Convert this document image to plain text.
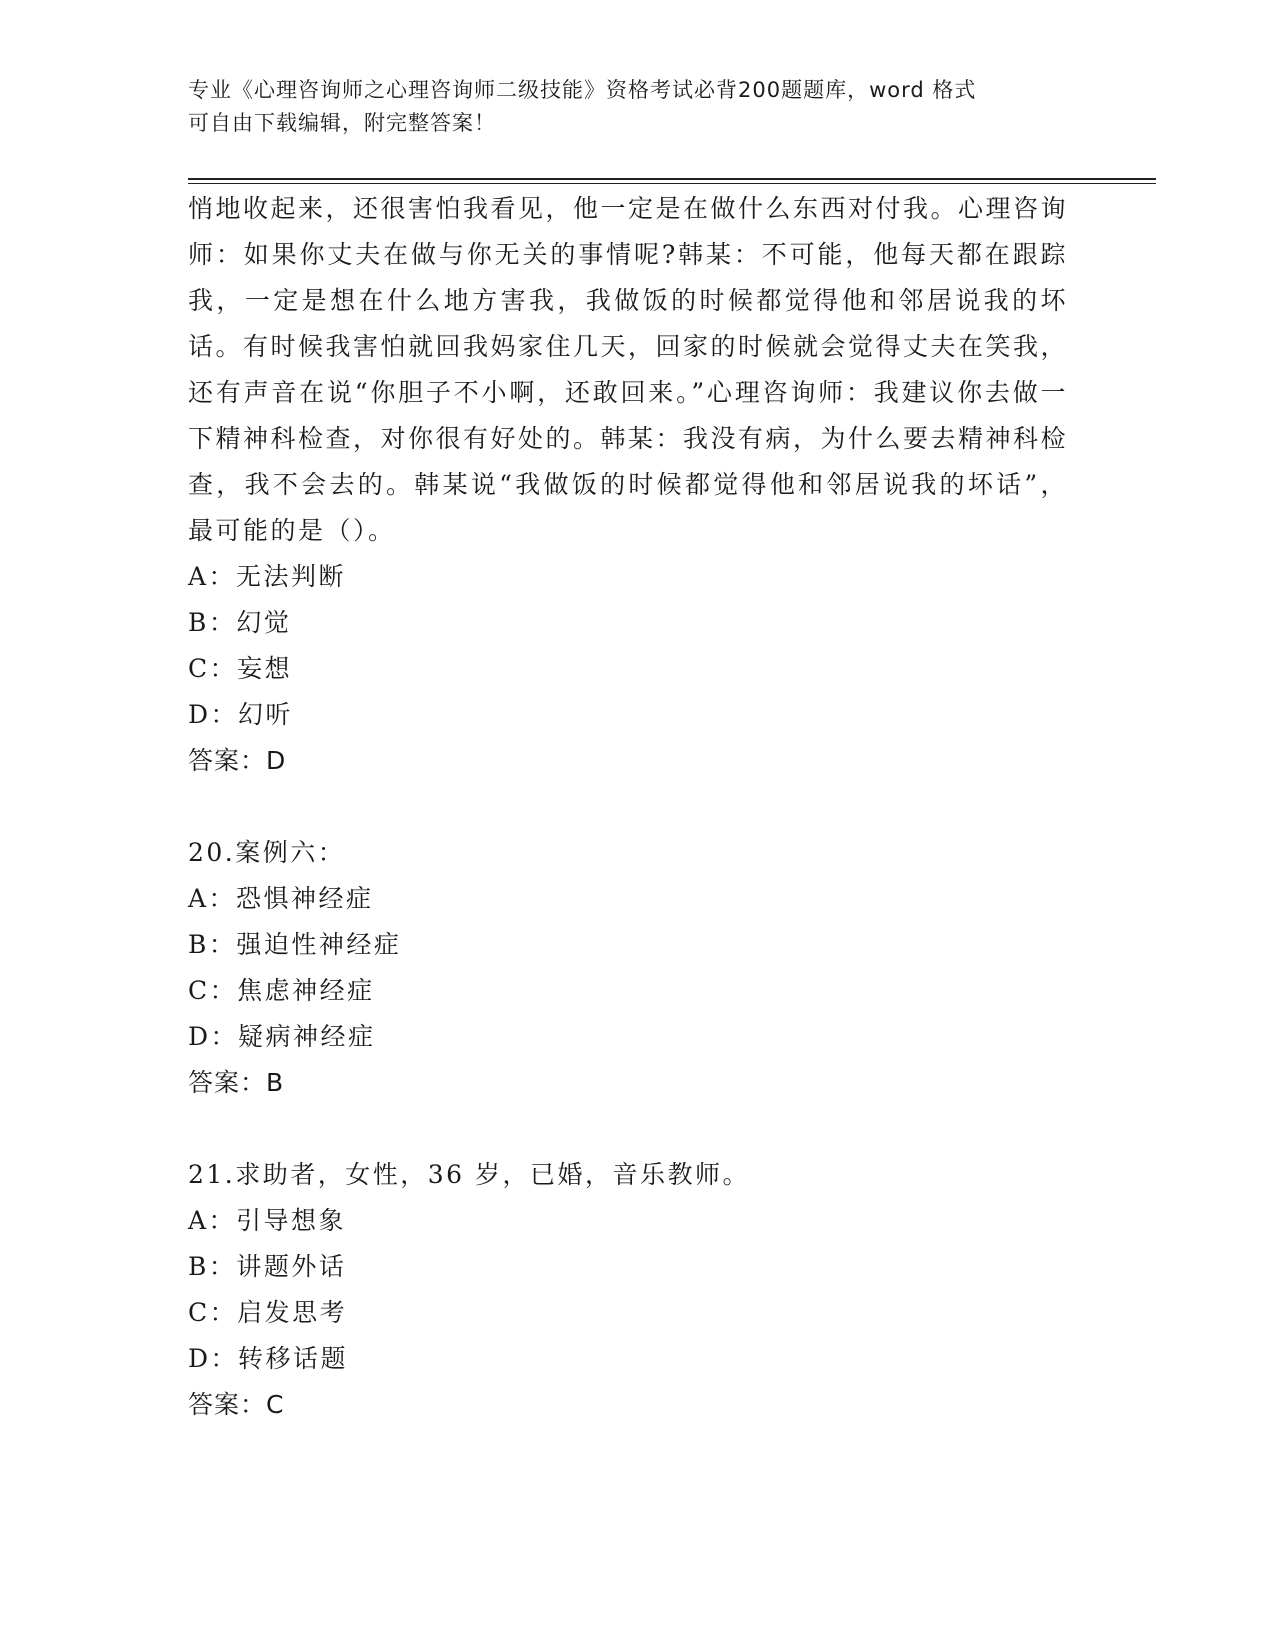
专业《心理咨询师之心理咨询师二级技能》资格考试必背200题题库，word 格式
可自由下载编辑，附完整答案！

悄地收起来，还很害怕我看见，他一定是在做什么东西对付我。心理咨询师：如果你丈夫在做与你无关的事情呢?韩某：不可能，他每天都在跟踪我，一定是想在什么地方害我，我做饭的时候都觉得他和邻居说我的坏话。有时候我害怕就回我妈家住几天，回家的时候就会觉得丈夫在笑我，还有声音在说“你胆子不小啊，还敢回来。”心理咨询师：我建议你去做一下精神科检查，对你很有好处的。韩某：我没有病，为什么要去精神科检查，我不会去的。韩某说“我做饭的时候都觉得他和邻居说我的坏话”，最可能的是（）。

A：无法判断

B：幻觉

C：妄想

D：幻听

答案：D

20.案例六：

A：恐惧神经症

B：强迫性神经症

C：焦虑神经症

D：疑病神经症

答案：B

21.求助者，女性，36 岁，已婚，音乐教师。

A：引导想象

B：讲题外话

C：启发思考

D：转移话题

答案：C
